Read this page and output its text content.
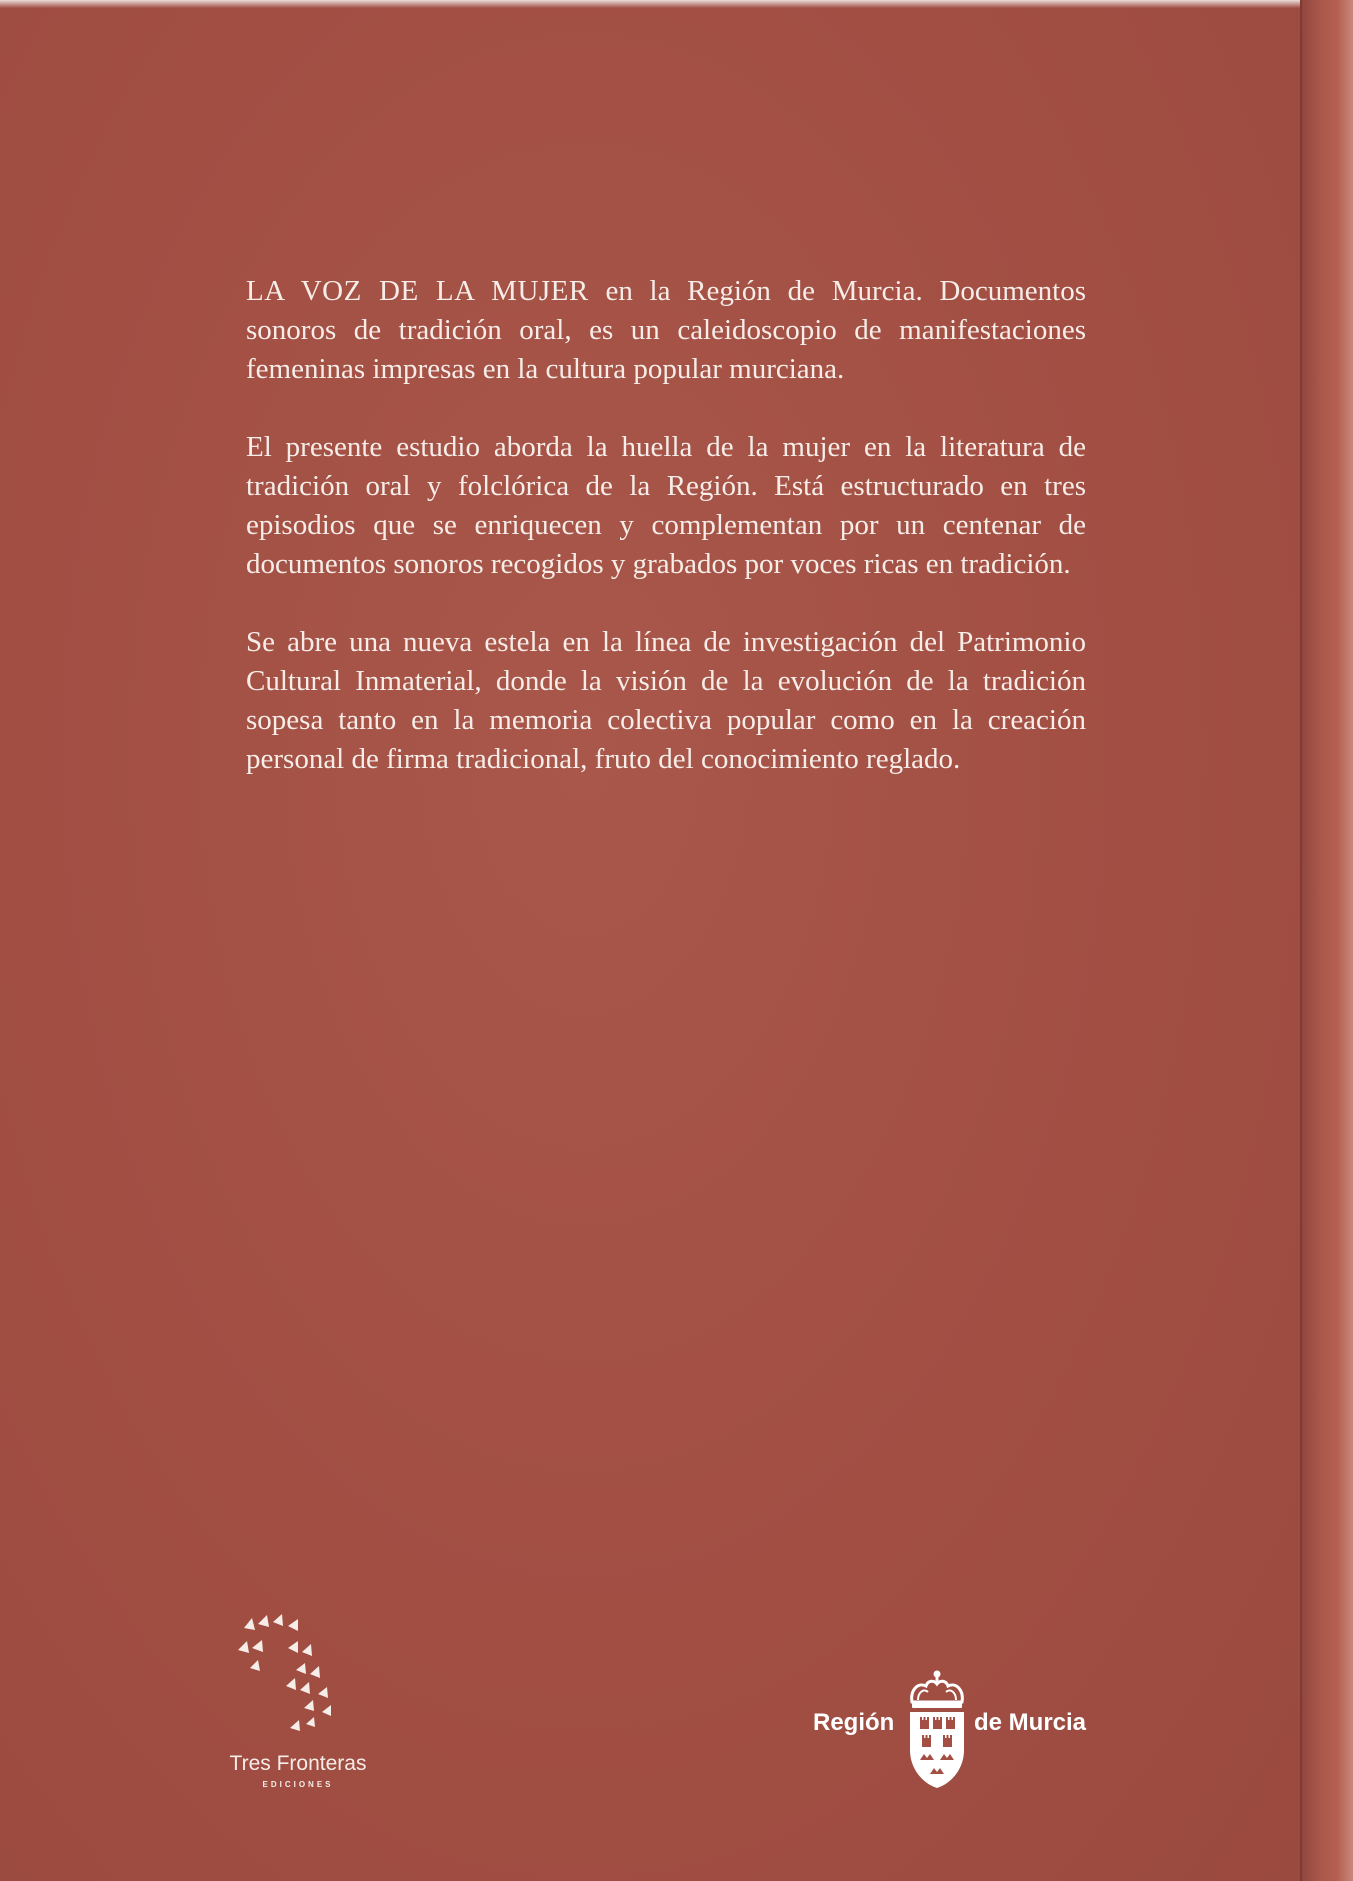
LA VOZ DE LA MUJER en la Región de Murcia. Documentos sonoros de tradición oral, es un caleidoscopio de manifestaciones femeninas impresas en la cultura popular murciana.

El presente estudio aborda la huella de la mujer en la literatura de tradición oral y folclórica de la Región. Está estructurado en tres episodios que se enriquecen y complementan por un centenar de documentos sonoros recogidos y grabados por voces ricas en tradición.

Se abre una nueva estela en la línea de investigación del Patrimonio Cultural Inmaterial, donde la visión de la evolución de la tradición sopesa tanto en la memoria colectiva popular como en la creación personal de firma tradicional, fruto del conocimiento reglado.

Tres Fronteras
EDICIONES
Región	de Murcia
